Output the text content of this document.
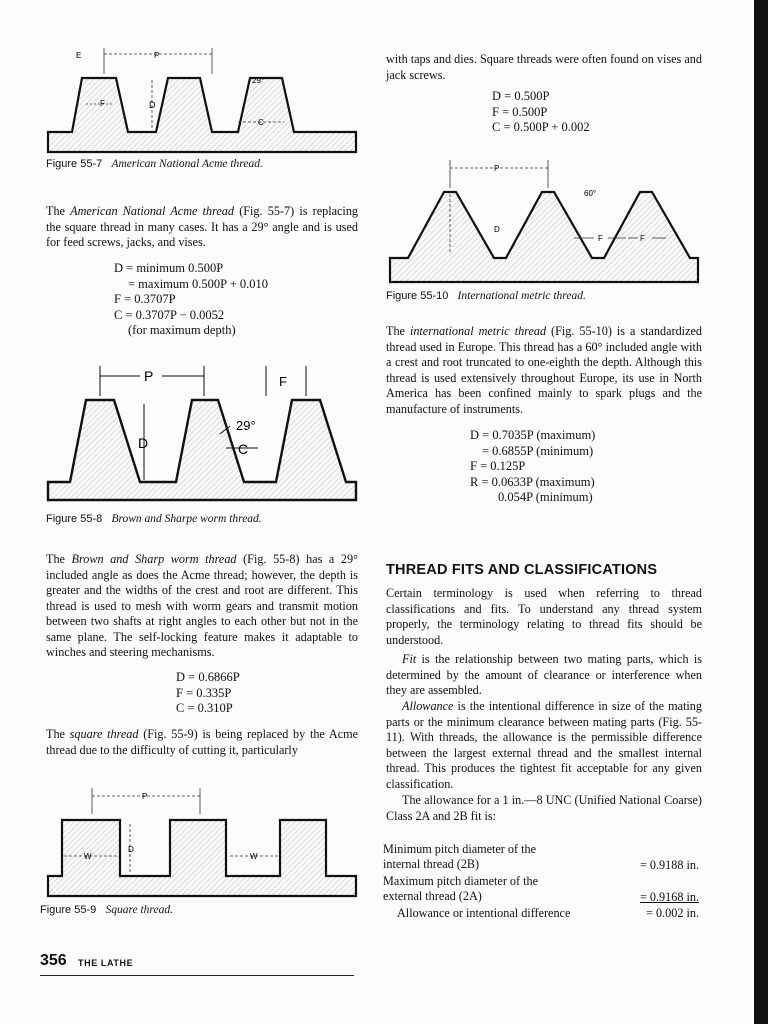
P
E
D
F
29°
C
Figure 55-7 American National Acme thread.
The American National Acme thread (Fig. 55-7) is replacing the square thread in many cases. It has a 29° angle and is used for feed screws, jacks, and vises.
D = minimum 0.500P
= maximum 0.500P + 0.010
F = 0.3707P
C = 0.3707P − 0.0052
(for maximum depth)
P
D
29°
C
F
Figure 55-8 Brown and Sharpe worm thread.
The Brown and Sharp worm thread (Fig. 55-8) has a 29° included angle as does the Acme thread; however, the depth is greater and the widths of the crest and root are different. This thread is used to mesh with worm gears and transmit motion between two shafts at right angles to each other but not in the same plane. The self-locking feature makes it adaptable to winches and steering mechanisms.
D = 0.6866P
F = 0.335P
C = 0.310P
The square thread (Fig. 55-9) is being replaced by the Acme thread due to the difficulty of cutting it, particularly
P
D
W	W
Figure 55-9 Square thread.
with taps and dies. Square threads were often found on vises and jack screws.
D = 0.500P
F = 0.500P
C = 0.500P + 0.002
P
D
60°
F	F
Figure 55-10 International metric thread.
The international metric thread (Fig. 55-10) is a standardized thread used in Europe. This thread has a 60° included angle with a crest and root truncated to one-eighth the depth. Although this thread is used extensively throughout Europe, its use in North America has been confined mainly to spark plugs and the manufacture of instruments.
D = 0.7035P (maximum)
= 0.6855P (minimum)
F = 0.125P
R = 0.0633P (maximum)
0.054P (minimum)
THREAD FITS AND CLASSIFICATIONS
Certain terminology is used when referring to thread classifications and fits. To understand any thread system properly, the terminology relating to thread fits should be understood.
Fit is the relationship between two mating parts, which is determined by the amount of clearance or interference when they are assembled.
Allowance is the intentional difference in size of the mating parts or the minimum clearance between mating parts (Fig. 55-11). With threads, the allowance is the permissible difference between the largest external thread and the smallest internal thread. This produces the tightest fit acceptable for any given classification.
The allowance for a 1 in.—8 UNC (Unified National Coarse) Class 2A and 2B fit is:
Minimum pitch diameter of the
internal thread (2B)	= 0.9188 in.
Maximum pitch diameter of the
external thread (2A)	= 0.9168 in.
Allowance or intentional difference	= 0.002 in.
356 THE LATHE
